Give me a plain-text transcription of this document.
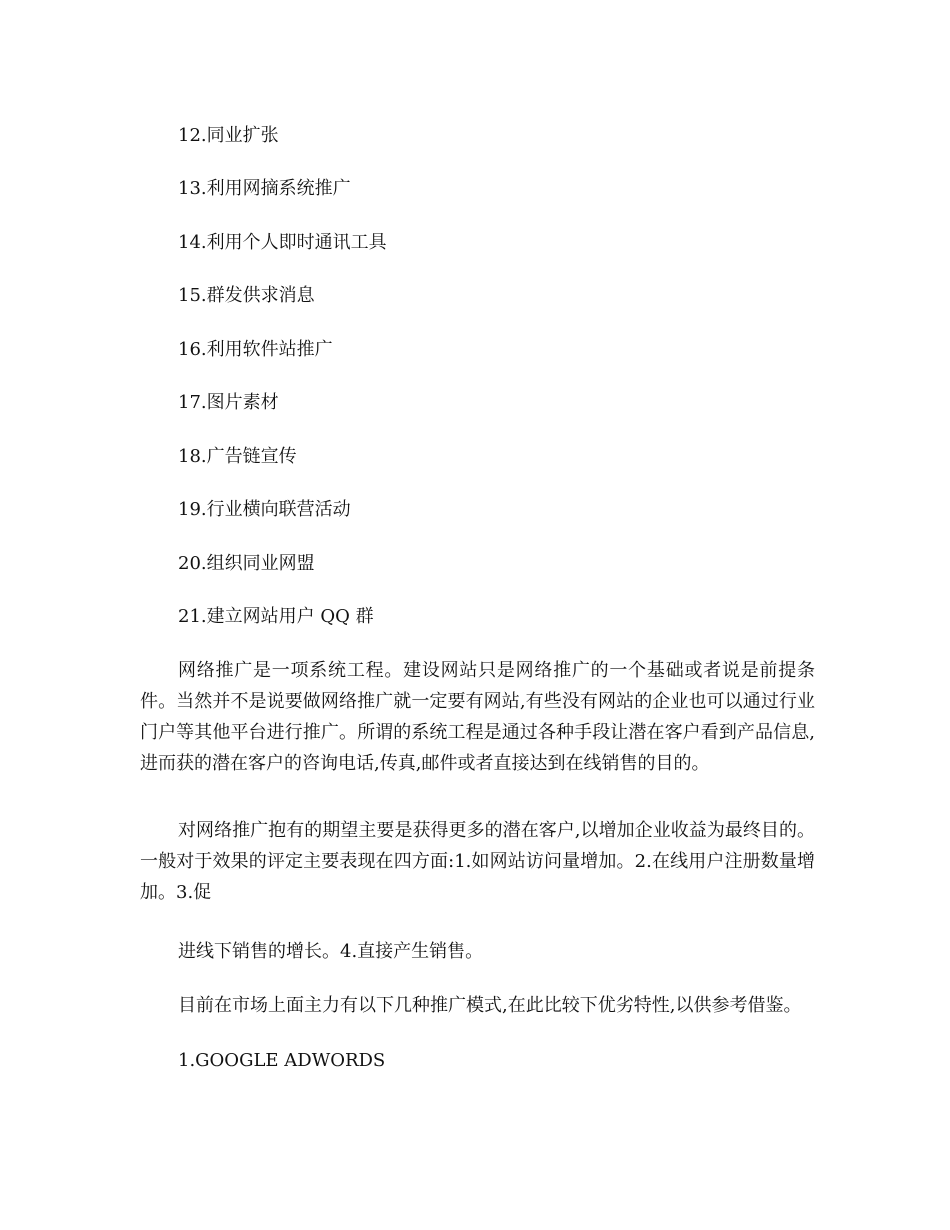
12.同业扩张
13.利用网摘系统推广
14.利用个人即时通讯工具
15.群发供求消息
16.利用软件站推广
17.图片素材
18.广告链宣传
19.行业横向联营活动
20.组织同业网盟
21.建立网站用户 QQ 群

网络推广是一项系统工程。建设网站只是网络推广的一个基础或者说是前提条件。当然并不是说要做网络推广就一定要有网站,有些没有网站的企业也可以通过行业门户等其他平台进行推广。所谓的系统工程是通过各种手段让潜在客户看到产品信息,进而获的潜在客户的咨询电话,传真,邮件或者直接达到在线销售的目的。

对网络推广抱有的期望主要是获得更多的潜在客户,以增加企业收益为最终目的。一般对于效果的评定主要表现在四方面:1.如网站访问量增加。2.在线用户注册数量增加。3.促

进线下销售的增长。4.直接产生销售。
目前在市场上面主力有以下几种推广模式,在此比较下优劣特性,以供参考借鉴。
1.GOOGLE ADWORDS
